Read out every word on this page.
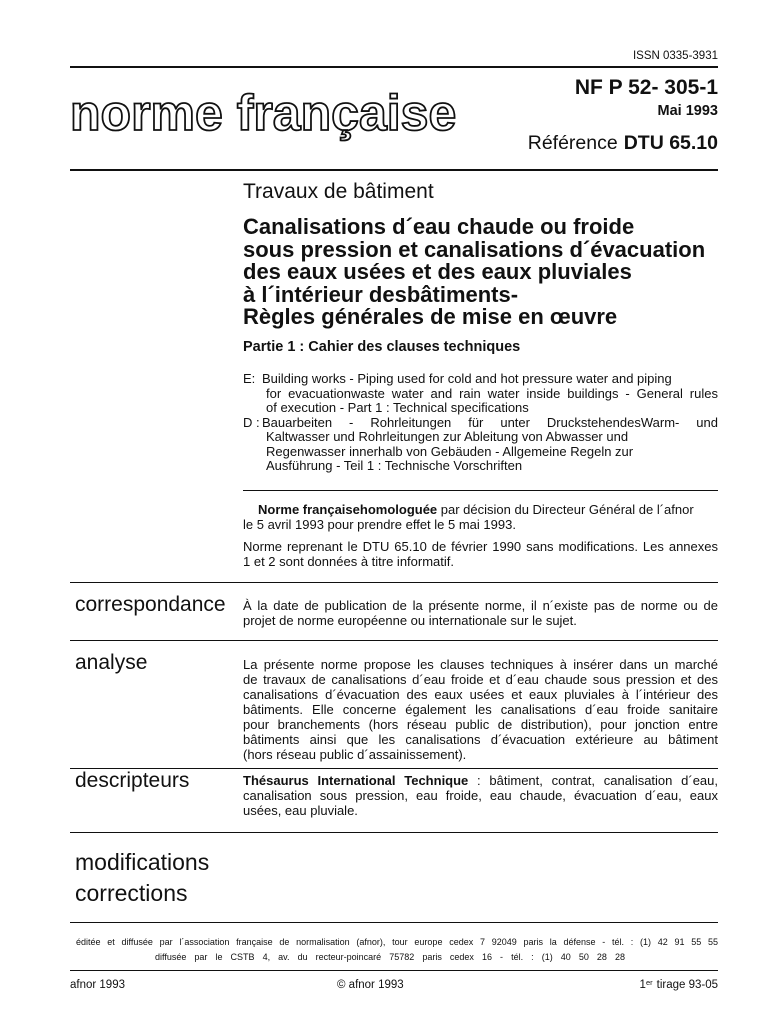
ISSN 0335-3931
norme française	NF P 52- 305-1
Mai 1993
Référence DTU 65.10
Travaux de bâtiment
Canalisations d´eau chaude ou froide
sous pression et canalisations d´évacuation
des eaux usées et des eaux pluviales
à l´intérieur desbâtiments-
Règles générales de mise en œuvre
Partie 1 : Cahier des clauses techniques
E: Building works - Piping used for cold and hot pressure water and piping
for evacuationwaste water and rain water inside buildings - General rules
of execution - Part 1 : Technical specifications
D : Bauarbeiten - Rohrleitungen für unter DruckstehendesWarm- und
Kaltwasser und Rohrleitungen zur Ableitung von Abwasser und
Regenwasser innerhalb von Gebäuden - Allgemeine Regeln zur
Ausführung - Teil 1 : Technische Vorschriften
Norme françaisehomologuée par décision du Directeur Général de l´afnor
le 5 avril 1993 pour prendre effet le 5 mai 1993.
Norme reprenant le DTU 65.10 de février 1990 sans modifications. Les annexes
1 et 2 sont données à titre informatif.
correspondance À la date de publication de la présente norme, il n´existe pas de norme ou de
projet de norme européenne ou internationale sur le sujet.
analyse	La présente norme propose les clauses techniques à insérer dans un marché
de travaux de canalisations d´eau froide et d´eau chaude sous pression et des
canalisations d´évacuation des eaux usées et eaux pluviales à l´intérieur des
bâtiments. Elle concerne également les canalisations d´eau froide sanitaire
pour branchements (hors réseau public de distribution), pour jonction entre
bâtiments ainsi que les canalisations d´évacuation extérieure au bâtiment
(hors réseau public d´assainissement).
descripteurs	Thésaurus International Technique : bâtiment, contrat, canalisation d´eau,
canalisation sous pression, eau froide, eau chaude, évacuation d´eau, eaux
usées, eau pluviale.
modifications
corrections
éditée et diffusée par l´association française de normalisation (afnor), tour europe cedex 7 92049 paris la défense - tél. : (1) 42 91 55 55
diffusée par le CSTB 4, av. du recteur-poincaré 75782 paris cedex 16 - tél. : (1) 40 50 28 28
afnor 1993	© afnor 1993	1er tirage 93-05
